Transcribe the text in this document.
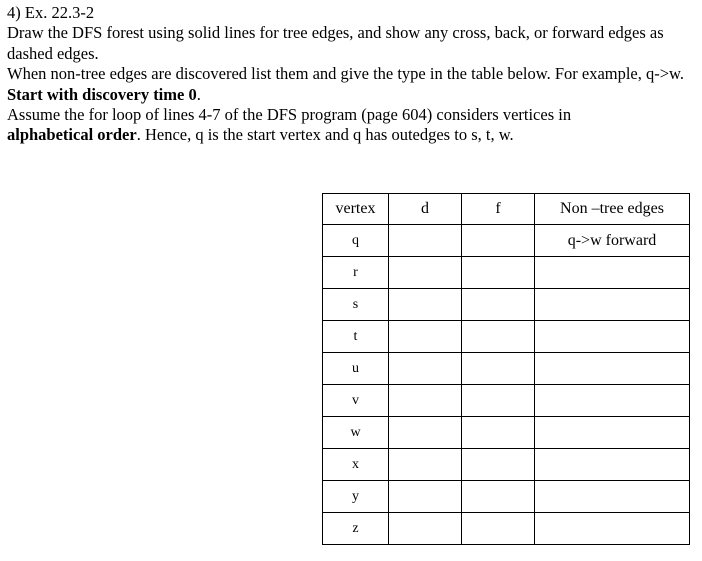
4) Ex. 22.3-2

Draw the DFS forest using solid lines for tree edges, and show any cross, back, or forward edges as dashed edges.

When non-tree edges are discovered list them and give the type in the table below. For example, q->w.

Start with discovery time 0.

Assume the for loop of lines 4-7 of the DFS program (page 604) considers vertices in
alphabetical order. Hence, q is the start vertex and q has outedges to s, t, w.

vertex	d	f	Non –tree edges
q			q->w forward
r			
s			
t			
u			
v			
w			
x			
y			
z			
